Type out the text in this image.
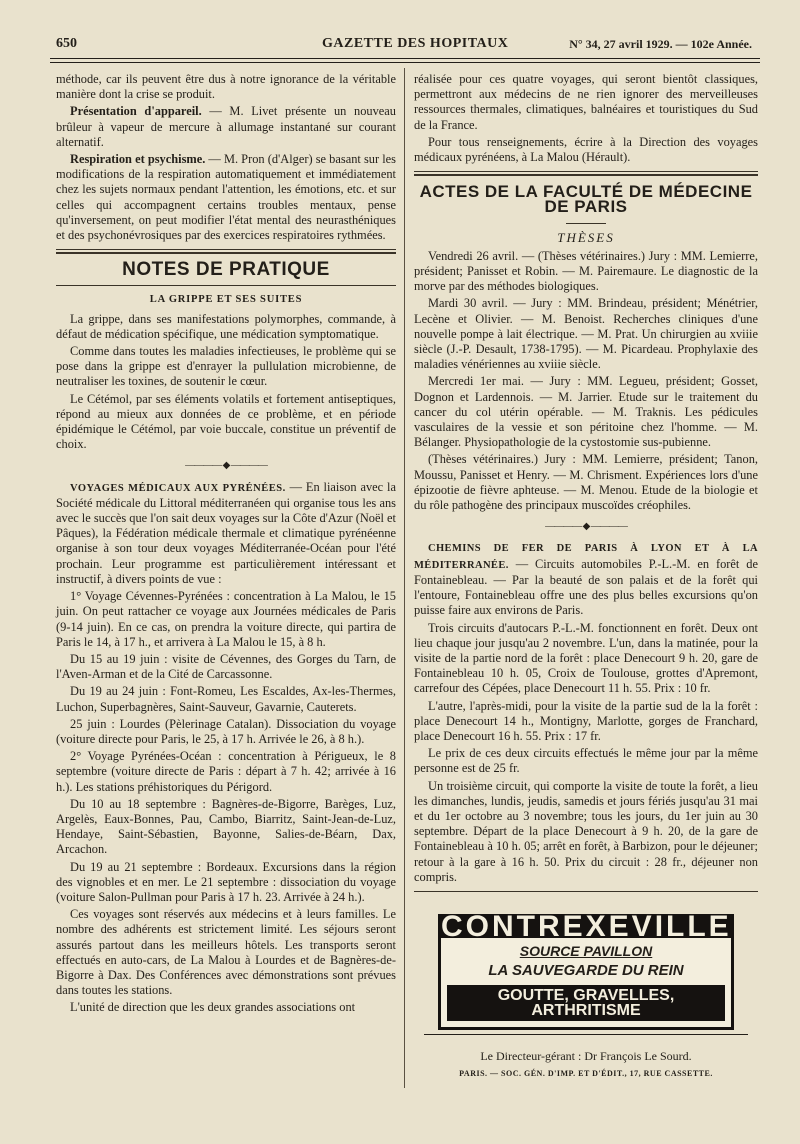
650	GAZETTE DES HOPITAUX	N° 34, 27 avril 1929. — 102e Année.

méthode, car ils peuvent être dus à notre ignorance de la véritable manière dont la crise se produit.

Présentation d'appareil. — M. Livet présente un nouveau brûleur à vapeur de mercure à allumage instantané sur courant alternatif.

Respiration et psychisme. — M. Pron (d'Alger) se basant sur les modifications de la respiration automatiquement et immédiatement chez les sujets normaux pendant l'attention, les émotions, etc. et sur celles qui accompagnent certains troubles mentaux, pense qu'inversement, on peut modifier l'état mental des neurasthéniques et des psychonévrosiques par des exercices respiratoires rythmées.

NOTES DE PRATIQUE
LA GRIPPE ET SES SUITES

La grippe, dans ses manifestations polymorphes, commande, à défaut de médication spécifique, une médication symptomatique.

Comme dans toutes les maladies infectieuses, le problème qui se pose dans la grippe est d'enrayer la pullulation microbienne, de neutraliser les toxines, de soutenir le cœur.

Le Cétémol, par ses éléments volatils et fortement antiseptiques, répond au mieux aux données de ce problème, et en période épidémique le Cétémol, par voie buccale, constitue un préventif de choix.

———— ◆ ————

VOYAGES MÉDICAUX AUX PYRÉNÉES. — En liaison avec la Société médicale du Littoral méditerranéen qui organise tous les ans avec le succès que l'on sait deux voyages sur la Côte d'Azur (Noël et Pâques), la Fédération médicale thermale et climatique pyrénéenne organise à son tour deux voyages Méditerranée-Océan pour l'été prochain. Leur programme est particulièrement intéressant et instructif, à divers points de vue :

1° Voyage Cévennes-Pyrénées : concentration à La Malou, le 15 juin. On peut rattacher ce voyage aux Journées médicales de Paris (9-14 juin). En ce cas, on prendra la voiture directe, qui partira de Paris le 14, à 17 h., et arrivera à La Malou le 15, à 8 h.

Du 15 au 19 juin : visite de Cévennes, des Gorges du Tarn, de l'Aven-Arman et de la Cité de Carcassonne.

Du 19 au 24 juin : Font-Romeu, Les Escaldes, Ax-les-Thermes, Luchon, Superbagnères, Saint-Sauveur, Gavarnie, Cauterets.

25 juin : Lourdes (Pèlerinage Catalan). Dissociation du voyage (voiture directe pour Paris, le 25, à 17 h. Arrivée le 26, à 8 h.).

2° Voyage Pyrénées-Océan : concentration à Périgueux, le 8 septembre (voiture directe de Paris : départ à 7 h. 42; arrivée à 16 h.). Les stations préhistoriques du Périgord.

Du 10 au 18 septembre : Bagnères-de-Bigorre, Barèges, Luz, Argelès, Eaux-Bonnes, Pau, Cambo, Biarritz, Saint-Jean-de-Luz, Hendaye, Saint-Sébastien, Bayonne, Salies-de-Béarn, Dax, Arcachon.

Du 19 au 21 septembre : Bordeaux. Excursions dans la région des vignobles et en mer. Le 21 septembre : dissociation du voyage (voiture Salon-Pullman pour Paris à 17 h. 23. Arrivée à 24 h.).

Ces voyages sont réservés aux médecins et à leurs familles. Le nombre des adhérents est strictement limité. Les séjours seront assurés partout dans les meilleurs hôtels. Les transports seront effectués en auto-cars, de La Malou à Lourdes et de Bagnères-de-Bigorre à Dax. Des Conférences avec démonstrations sont prévues dans toutes les stations.

L'unité de direction que les deux grandes associations ont

réalisée pour ces quatre voyages, qui seront bientôt classiques, permettront aux médecins de ne rien ignorer des merveilleuses ressources thermales, climatiques, balnéaires et touristiques du Sud de la France.

Pour tous renseignements, écrire à la Direction des voyages médicaux pyrénéens, à La Malou (Hérault).

ACTES DE LA FACULTÉ DE MÉDECINE DE PARIS
THÈSES

Vendredi 26 avril. — (Thèses vétérinaires.) Jury : MM. Lemierre, président; Panisset et Robin. — M. Pairemaure. Le diagnostic de la morve par des méthodes biologiques.

Mardi 30 avril. — Jury : MM. Brindeau, président; Ménétrier, Lecène et Olivier. — M. Benoist. Recherches cliniques d'une nouvelle pompe à lait électrique. — M. Prat. Un chirurgien au xviiie siècle (J.-P. Desault, 1738-1795). — M. Picardeau. Prophylaxie des maladies vénériennes au xviiie siècle.

Mercredi 1er mai. — Jury : MM. Legueu, président; Gosset, Dognon et Lardennois. — M. Jarrier. Etude sur le traitement du cancer du col utérin opérable. — M. Traknis. Les pédicules vasculaires de la vessie et son péritoine chez l'homme. — M. Bélanger. Physiopathologie de la cystostomie sus-pubienne.

(Thèses vétérinaires.) Jury : MM. Lemierre, président; Tanon, Moussu, Panisset et Henry. — M. Chrisment. Expériences lors d'une épizootie de fièvre aphteuse. — M. Menou. Etude de la biologie et du rôle pathogène des principaux muscoïdes créophiles.

———— ◆ ————

CHEMINS DE FER DE PARIS À LYON ET À LA MÉDITERRANÉE. — Circuits automobiles P.-L.-M. en forêt de Fontainebleau. — Par la beauté de son palais et de la forêt qui l'entoure, Fontainebleau offre une des plus belles excursions qu'on puisse faire aux environs de Paris.

Trois circuits d'autocars P.-L.-M. fonctionnent en forêt. Deux ont lieu chaque jour jusqu'au 2 novembre. L'un, dans la matinée, pour la visite de la partie nord de la forêt : place Denecourt 9 h. 20, gare de Fontainebleau 10 h. 05, Croix de Toulouse, grottes d'Apremont, carrefour des Cépées, place Denecourt 11 h. 55. Prix : 10 fr.

L'autre, l'après-midi, pour la visite de la partie sud de la la forêt : place Denecourt 14 h., Montigny, Marlotte, gorges de Franchard, place Denecourt 16 h. 55. Prix : 17 fr.

Le prix de ces deux circuits effectués le même jour par la même personne est de 25 fr.

Un troisième circuit, qui comporte la visite de toute la forêt, a lieu les dimanches, lundis, jeudis, samedis et jours fériés jusqu'au 31 mai et du 1er octobre au 3 novembre; tous les jours, du 1er juin au 30 septembre. Départ de la place Denecourt à 9 h. 20, de la gare de Fontainebleau à 10 h. 05; arrêt en forêt, à Barbizon, pour le déjeuner; retour à la gare à 16 h. 50. Prix du circuit : 28 fr., déjeuner non compris.

CONTREXEVILLE
SOURCE PAVILLON
LA SAUVEGARDE DU REIN
GOUTTE, GRAVELLES, ARTHRITISME
Le Directeur-gérant : Dr François Le Sourd.
PARIS. — SOC. GÉN. D'IMP. ET D'ÉDIT., 17, RUE CASSETTE.
